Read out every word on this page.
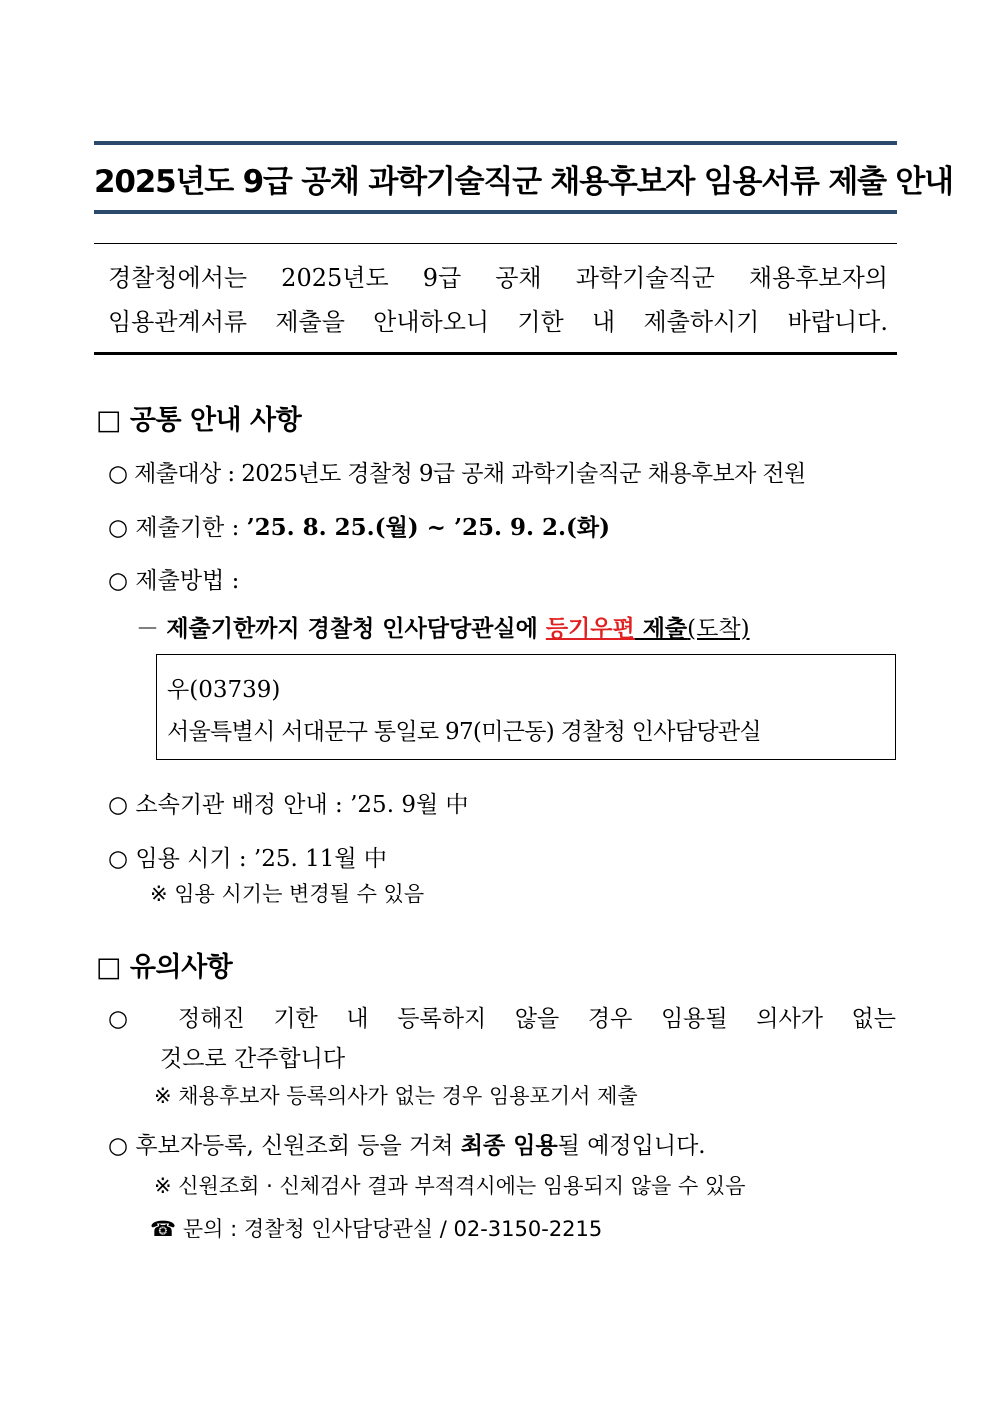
2025년도 9급 공채 과학기술직군 채용후보자 임용서류 제출 안내
경찰청에서는 2025년도 9급 공채 과학기술직군 채용후보자의
임용관계서류 제출을 안내하오니 기한 내 제출하시기 바랍니다.
□ 공통 안내 사항
○ 제출대상 : 2025년도 경찰청 9급 공채 과학기술직군 채용후보자 전원
○ 제출기한 : ’25. 8. 25.(월) ~ ’25. 9. 2.(화)
○ 제출방법 :
－ 제출기한까지 경찰청 인사담당관실에 등기우편 제출(도착)
우(03739)
서울특별시 서대문구 통일로 97(미근동) 경찰청 인사담당관실
○ 소속기관 배정 안내 : ’25. 9월 中
○ 임용 시기 : ’25. 11월 中
※ 임용 시기는 변경될 수 있음
□ 유의사항
○ 정해진 기한 내 등록하지 않을 경우 임용될 의사가 없는
것으로 간주합니다
※ 채용후보자 등록의사가 없는 경우 임용포기서 제출
○ 후보자등록, 신원조회 등을 거쳐 최종 임용될 예정입니다.
※ 신원조회 · 신체검사 결과 부적격시에는 임용되지 않을 수 있음
☎ 문의 : 경찰청 인사담당관실 / 02-3150-2215
